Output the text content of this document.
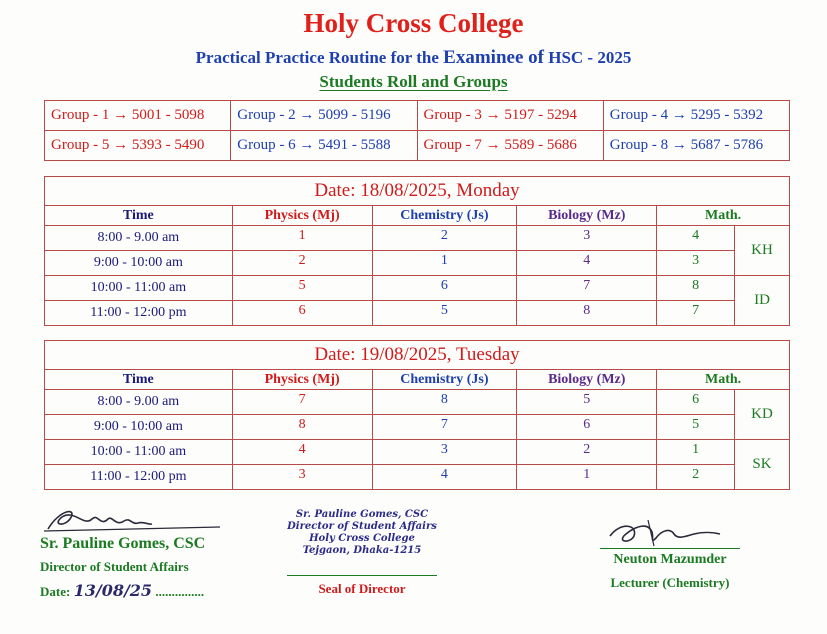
Holy Cross College
Practical Practice Routine for the Examinee of HSC - 2025
Students Roll and Groups
Group - 1 → 5001 - 5098	Group - 2 → 5099 - 5196	Group - 3 → 5197 - 5294	Group - 4 → 5295 - 5392
Group - 5 → 5393 - 5490	Group - 6 → 5491 - 5588	Group - 7 → 5589 - 5686	Group - 8 → 5687 - 5786
Date: 18/08/2025, Monday					
Time	Physics (Mj)	Chemistry (Js)	Biology (Mz)	Math.	
8:00 - 9.00 am	1	2	3	4	KH
9:00 - 10:00 am	2	1	4	3	
10:00 - 11:00 am	5	6	7	8	ID
11:00 - 12:00 pm	6	5	8	7	
Date: 19/08/2025, Tuesday					
Time	Physics (Mj)	Chemistry (Js)	Biology (Mz)	Math.	
8:00 - 9.00 am	7	8	5	6	KD
9:00 - 10:00 am	8	7	6	5	
10:00 - 11:00 am	4	3	2	1	SK
11:00 - 12:00 pm	3	4	1	2	
Sr. Pauline Gomes, CSC
Director of Student Affairs
Date: 13/08/25 ...............
Sr. Pauline Gomes, CSC
Director of Student Affairs
Holy Cross College
Tejgaon, Dhaka-1215
Seal of Director
Neuton Mazumder
Lecturer (Chemistry)
